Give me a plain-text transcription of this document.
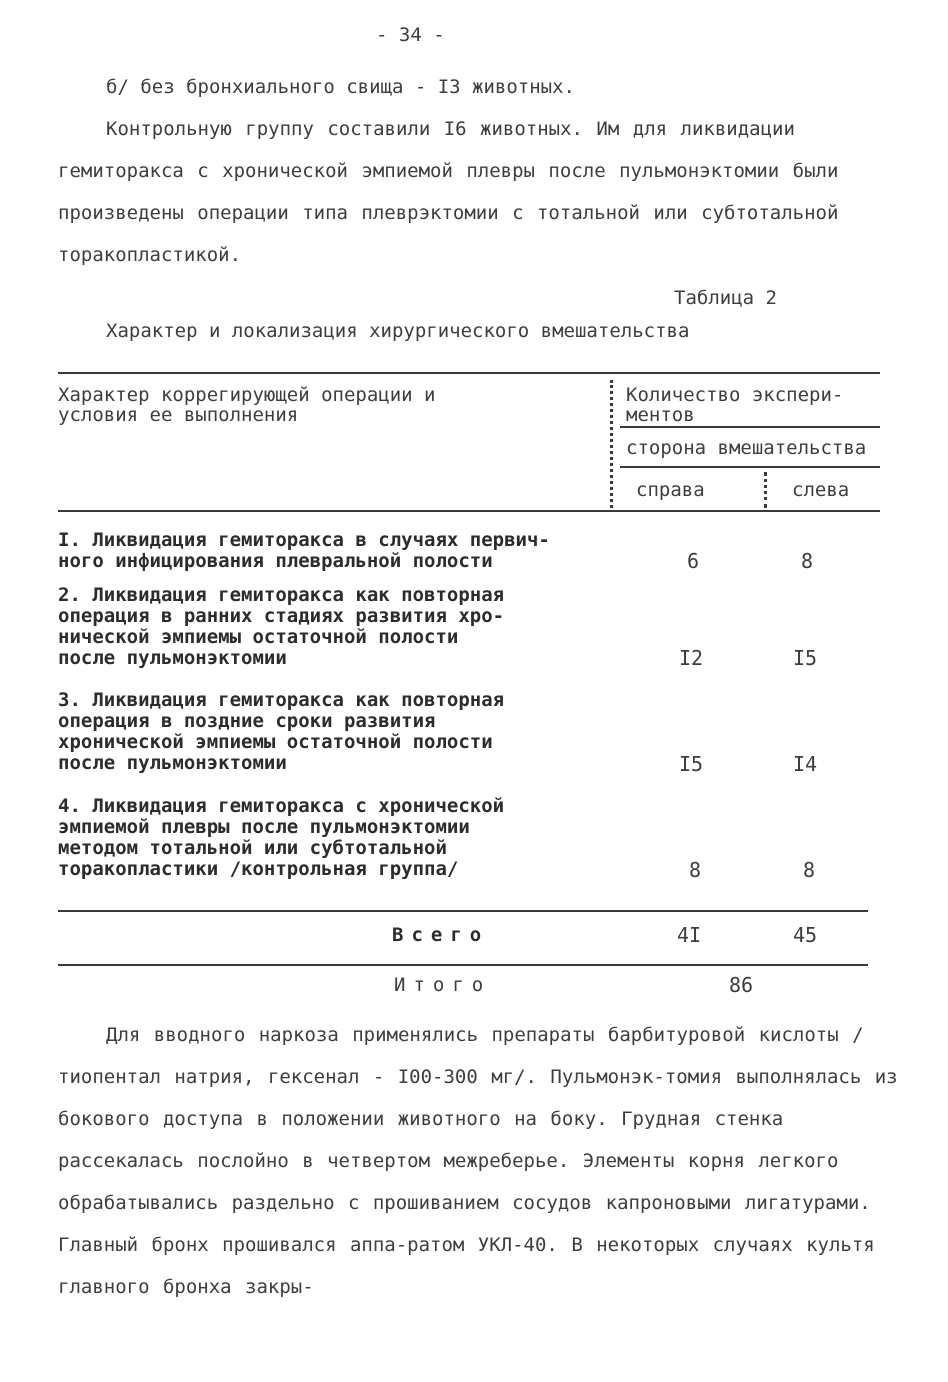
- 34 -
б/ без бронхиального свища - I3 животных.
Контрольную группу составили I6 животных. Им для ликвидации гемиторакса с хронической эмпиемой плевры после пульмонэктомии были произведены операции типа плеврэктомии с тотальной или субтотальной торакопластикой.
Таблица 2
Характер и локализация хирургического вмешательства
Характер коррегирующей операции и
условия ее выполнения
Количество экспери-
ментов
сторона вмешательства
справа	слева
I. Ликвидация гемиторакса в случаях первич-
ного инфицирования плевральной полости	6	8
2. Ликвидация гемиторакса как повторная
операция в ранних стадиях развития хро-
нической эмпиемы остаточной полости
после пульмонэктомии	I2	I5
3. Ликвидация гемиторакса как повторная
операция в поздние сроки развития
хронической эмпиемы остаточной полости
после пульмонэктомии	I5	I4
4. Ликвидация гемиторакса с хронической
эмпиемой плевры после пульмонэктомии
методом тотальной или субтотальной
торакопластики /контрольная группа/	8	8
Всего	4I	45
Итого	86
Для вводного наркоза применялись препараты барбитуровой кислоты /тиопентал натрия, гексенал - I00-300 мг/. Пульмонэк-томия выполнялась из бокового доступа в положении животного на боку. Грудная стенка рассекалась послойно в четвертом межреберье. Элементы корня легкого обрабатывались раздельно с прошиванием сосудов капроновыми лигатурами. Главный бронх прошивался аппа-ратом УКЛ-40. В некоторых случаях культя главного бронха закры-
